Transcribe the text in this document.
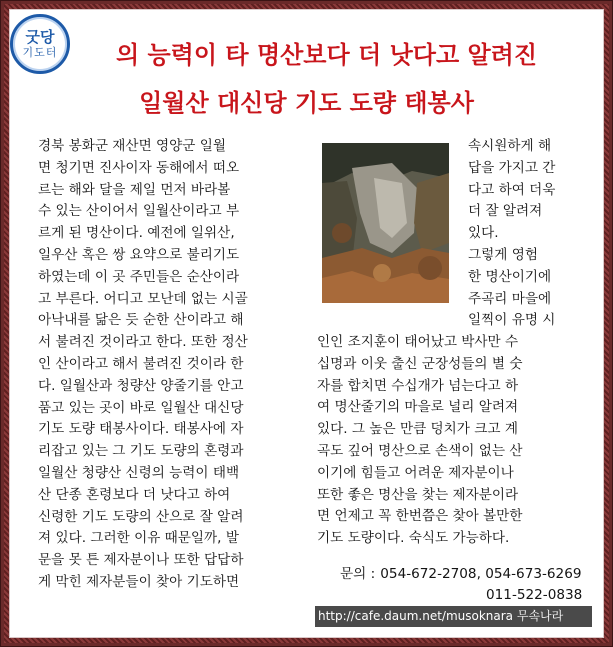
굿당
기도터	의 능력이 타 명산보다 더 낫다고 알려진
일월산 대신당 기도 도량 태봉사
경북 봉화군 재산면 영양군 일월
면 청기면 진사이자 동해에서 떠오
르는 해와 달을 제일 먼저 바라볼
수 있는 산이어서 일월산이라고 부
르게 된 명산이다. 예전에 일위산,
일우산 혹은 쌍 요약으로 불리기도
하였는데 이 곳 주민들은 순산이라
고 부른다. 어디고 모난데 없는 시골
아낙내를 닮은 듯 순한 산이라고 해
서 불려진 것이라고 한다. 또한 정산
인 산이라고 해서 불려진 것이라 한
다. 일월산과 청량산 양줄기를 안고
품고 있는 곳이 바로 일월산 대신당
기도 도량 태봉사이다. 태봉사에 자
리잡고 있는 그 기도 도량의 혼령과
일월산 청량산 신령의 능력이 태백
산 단종 혼령보다 더 낫다고 하여
신령한 기도 도량의 산으로 잘 알려
져 있다. 그러한 이유 때문일까, 발
문을 못 튼 제자분이나 또한 답답하
게 막힌 제자분들이 찾아 기도하면
속시원하게 해
답을 가지고 간
다고 하여 더욱
더 잘 알려져
있다.
그렇게 영험
한 명산이기에
주곡리 마을에
일찍이 유명 시
인인 조지훈이 태어났고 박사만 수
십명과 이웃 출신 군장성들의 별 숫
자를 합치면 수십개가 넘는다고 하
여 명산줄기의 마을로 널리 알려져
있다. 그 높은 만큼 덩치가 크고 계
곡도 깊어 명산으로 손색이 없는 산
이기에 힘들고 어려운 제자분이나
또한 좋은 명산을 찾는 제자분이라
면 언제고 꼭 한번쯤은 찾아 볼만한
기도 도량이다. 숙식도 가능하다.
문의 : 054-672-2708, 054-673-6269
011-522-0838
http://cafe.daum.net/musoknara 무속나라
